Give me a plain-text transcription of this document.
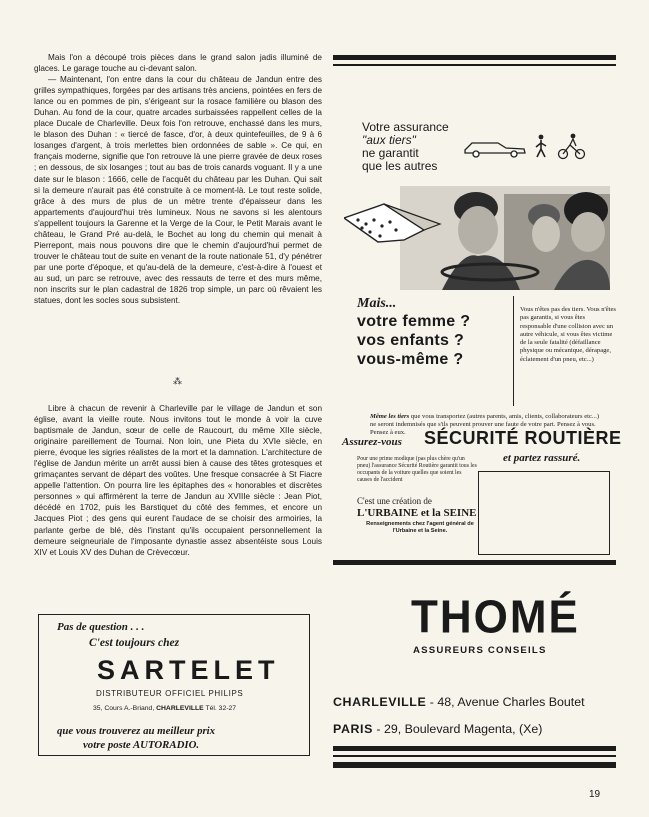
Mais l'on a découpé trois pièces dans le grand salon jadis illuminé de glaces. Le garage touche au ci-devant salon.

— Maintenant, l'on entre dans la cour du château de Jandun entre des grilles sympathiques, forgées par des artisans très anciens, pointées en fers de lance ou en pommes de pin, s'érigeant sur la rosace familière ou blason des Duhan. Au fond de la cour, quatre arcades surbaissées rappellent celles de la place Ducale de Charleville. Deux fois l'on retrouve, enchassé dans les murs, le blason des Duhan : « tiercé de fasce, d'or, à deux quintefeuilles, de 9 à 6 losanges d'argent, à trois merlettes bien ordonnées de sable ». Ce qui, en français moderne, signifie que l'on retrouve là une pierre gravée de deux roses ; en dessous, de six losanges ; tout au bas de trois canards voguant. Il y a une date sur le blason : 1666, celle de l'acquêt du château par les Duhan. Qui sait si la demeure n'aurait pas été construite à ce moment-là. Le tout reste solide, grâce à des murs de plus de un mètre trente d'épaisseur dans les appartements d'aujourd'hui très lumineux. Nous ne savons si les alentours s'appellent toujours la Garenne et la Verge de la Cour, le Petit Marais avant le château, le Grand Pré au-delà, le Bochet au long du chemin qui menait à Pierrepont, mais nous pouvons dire que le chemin d'aujourd'hui permet de trouver le château tout de suite en venant de la route nationale 51, d'y pénétrer par une porte d'époque, et qu'au-delà de la demeure, c'est-à-dire à l'ouest et au sud, un parc se retrouve, avec des ressauts de terre et des murs même, non inscrits sur le plan cadastral de 1826 trop simple, un parc où rêvaient les statues, dont les socles sous subsistent.

⁂

Libre à chacun de revenir à Charleville par le village de Jandun et son église, avant la vieille route. Nous invitons tout le monde à voir la cuve baptismale de Jandun, sœur de celle de Raucourt, du même XIIe siècle, originaire pareillement de Tournai. Non loin, une Pieta du XVIe siècle, en pierre, évoque les sigries réalistes de la mort et la damnation. L'architecture de l'église de Jandun mérite un arrêt aussi bien à cause des têtes grotesques et grimaçantes servant de départ des voûtes. Une fresque consacrée à St Fiacre appelle l'attention. On pourra lire les épitaphes des « honorables et discrètes personnes » qui affirmèrent la terre de Jandun au XVIIIe siècle : Jean Piot, décédé en 1702, puis les Barstiquet du côté des femmes, et encore un Jacques Piot ; des gens qui eurent l'audace de se choisir des armoiries, la parlante gerbe de blé, dès l'instant qu'ils occupaient personnellement la demeure seigneuriale de l'imposante dynastie assez absentéiste sous Louis XIV et Louis XV des Duhan de Crèvecœur.

Pas de question . . .
C'est toujours chez
SARTELET
DISTRIBUTEUR OFFICIEL PHILIPS
35, Cours A.-Briand, CHARLEVILLE Tél. 32-27
que vous trouverez au meilleur prix
votre poste AUTORADIO.
Votre assurance
"aux tiers"
ne garantit
que les autres
Mais...
votre femme ?
vos enfants ?
vous-même ?
Vous n'êtes pas des tiers. Vous n'êtes pas garantis, si vous êtes responsable d'une collision avec un autre véhicule, si vous êtes victime de la seule fatalité (défaillance physique ou mécanique, dérapage, éclatement d'un pneu, etc...)
Même les tiers que vous transportez (autres parents, amis, clients, collaborateurs etc...) ne seront indemnisés que s'ils peuvent prouver une faute de votre part. Pensez à vous. Pensez à eux.
Assurez-vous SÉCURITÉ ROUTIÈRE
et partez rassuré.
Pour une prime modique (pas plus chère qu'un pneu) l'assurance Sécurité Routière garantit tous les occupants de la voiture quelles que soient les causes de l'accident
C'est une création de
L'URBAINE et la SEINE
Renseignements chez l'agent général de l'Urbaine et la Seine.
THOMÉ
ASSUREURS CONSEILS
CHARLEVILLE - 48, Avenue Charles Boutet
PARIS - 29, Boulevard Magenta, (Xe)
19
